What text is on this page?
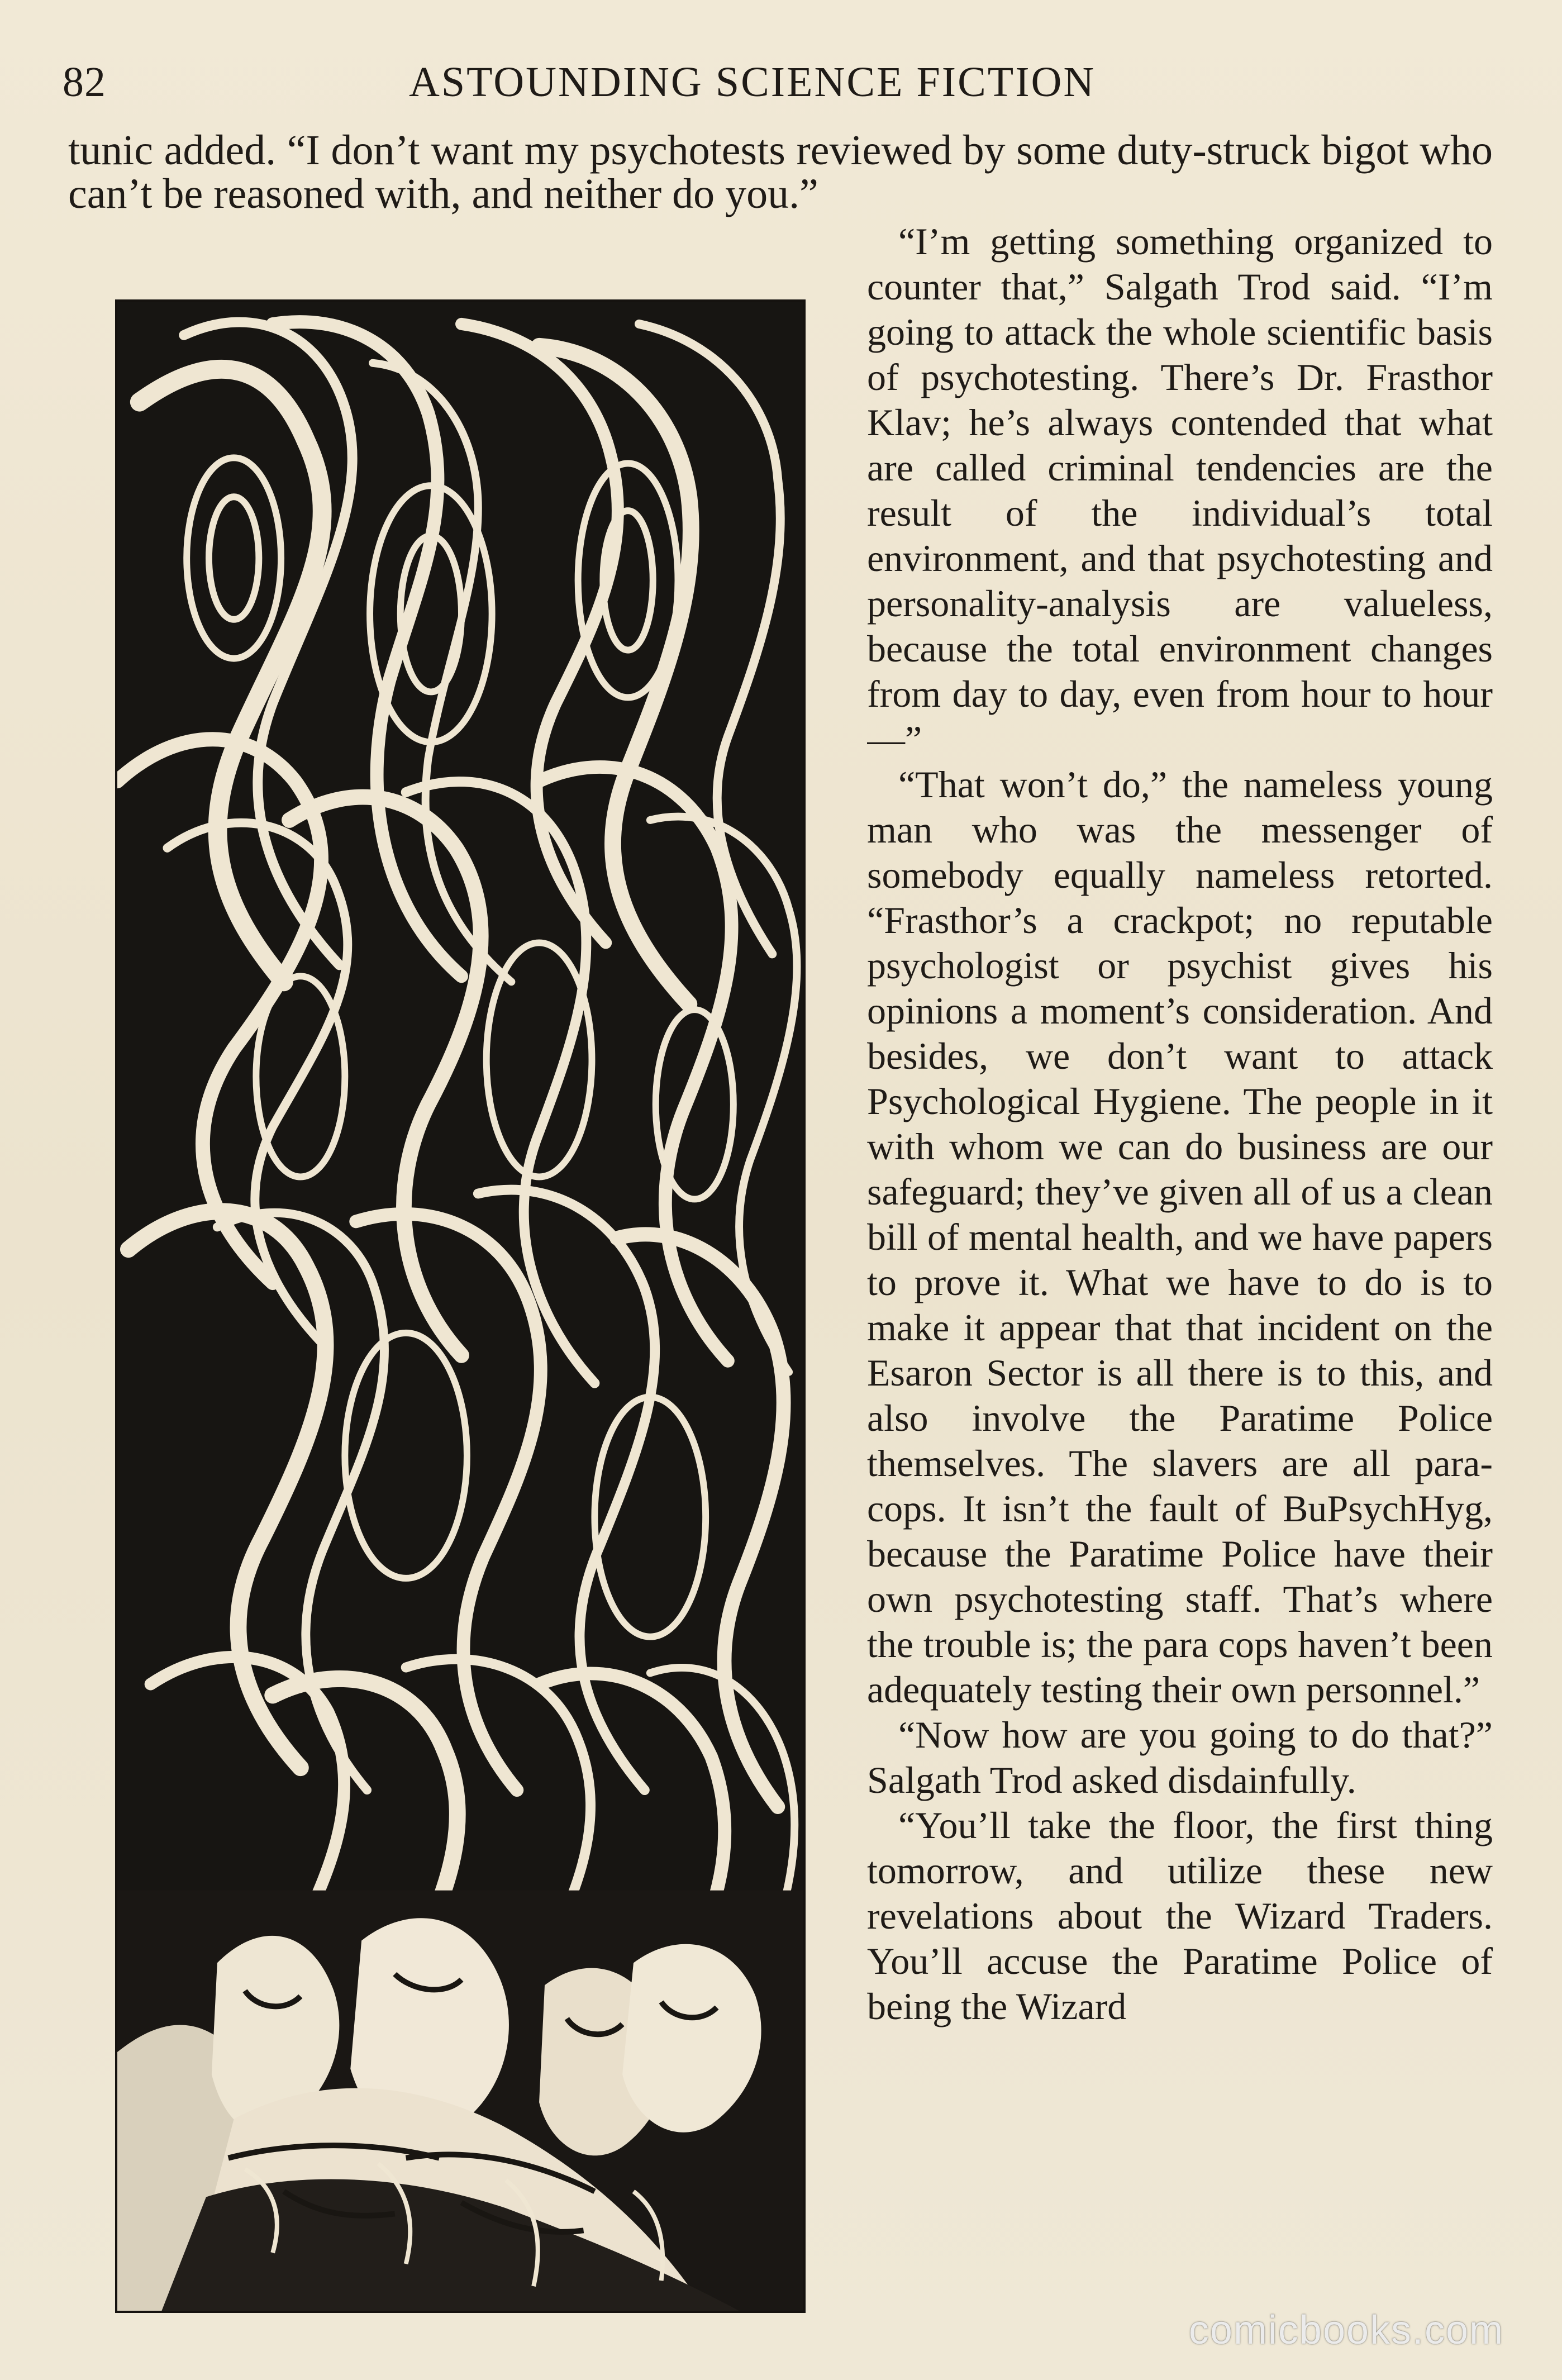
82	ASTOUNDING SCIENCE FICTION

tunic added. “I don’t want my psychotests reviewed by some duty-struck bigot who can’t be reasoned with, and neither do you.”

“I’m getting something organized to counter that,” Salgath Trod said. “I’m going to attack the whole scientific basis of psychotesting. There’s Dr. Frasthor Klav; he’s always contended that what are called criminal tendencies are the result of the individual’s total environment, and that psychotesting and personality-analysis are valueless, because the total environment changes from day to day, even from hour to hour—”

“That won’t do,” the nameless young man who was the messenger of somebody equally nameless retorted. “Frasthor’s a crackpot; no reputable psychologist or psychist gives his opinions a moment’s consideration. And besides, we don’t want to attack Psychological Hygiene. The people in it with whom we can do business are our safeguard; they’ve given all of us a clean bill of mental health, and we have papers to prove it. What we have to do is to make it appear that that incident on the Esaron Sector is all there is to this, and also involve the Paratime Police themselves. The slavers are all para-cops. It isn’t the fault of BuPsychHyg, because the Paratime Police have their own psychotesting staff. That’s where the trouble is; the para cops haven’t been adequately testing their own personnel.”

“Now how are you going to do that?” Salgath Trod asked disdainfully.

“You’ll take the floor, the first thing tomorrow, and utilize these new revelations about the Wizard Traders. You’ll accuse the Paratime Police of being the Wizard

comicbooks.com
